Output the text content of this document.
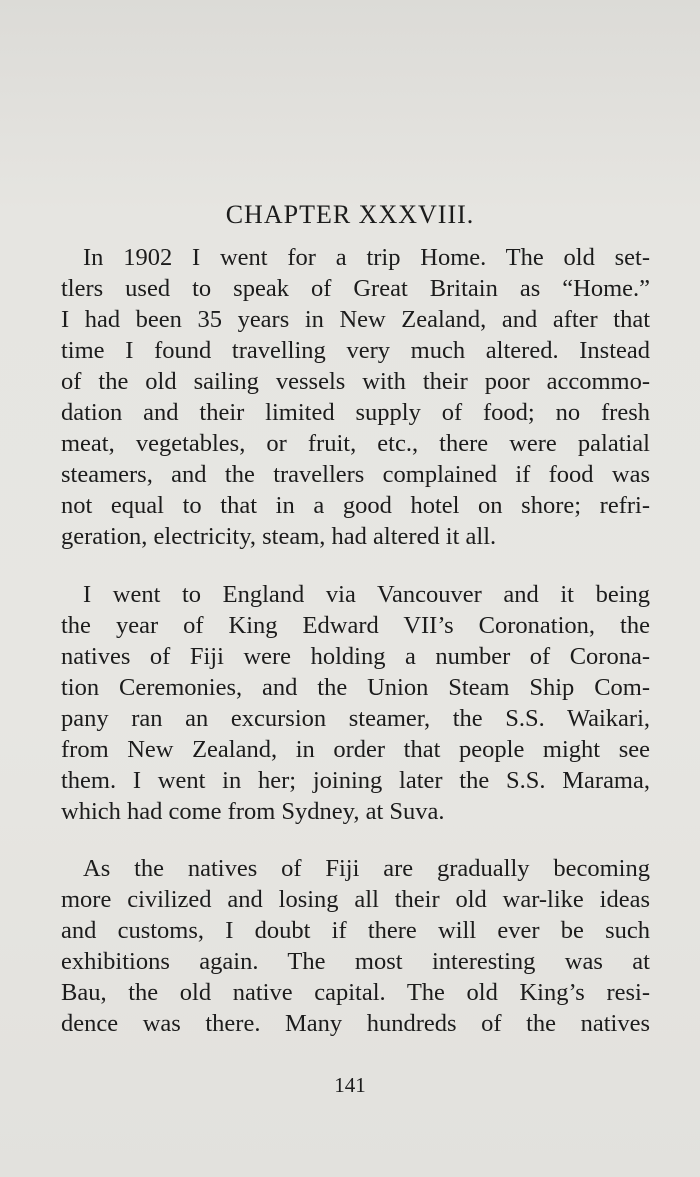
CHAPTER XXXVIII.
In 1902 I went for a trip Home. The old set-
tlers used to speak of Great Britain as “Home.”
I had been 35 years in New Zealand, and after that
time I found travelling very much altered. Instead
of the old sailing vessels with their poor accommo-
dation and their limited supply of food; no fresh
meat, vegetables, or fruit, etc., there were palatial
steamers, and the travellers complained if food was
not equal to that in a good hotel on shore; refri-
geration, electricity, steam, had altered it all.
I went to England via Vancouver and it being
the year of King Edward VII’s Coronation, the
natives of Fiji were holding a number of Corona-
tion Ceremonies, and the Union Steam Ship Com-
pany ran an excursion steamer, the S.S. Waikari,
from New Zealand, in order that people might see
them. I went in her; joining later the S.S. Marama,
which had come from Sydney, at Suva.
As the natives of Fiji are gradually becoming
more civilized and losing all their old war-like ideas
and customs, I doubt if there will ever be such
exhibitions again. The most interesting was at
Bau, the old native capital. The old King’s resi-
dence was there. Many hundreds of the natives
141
